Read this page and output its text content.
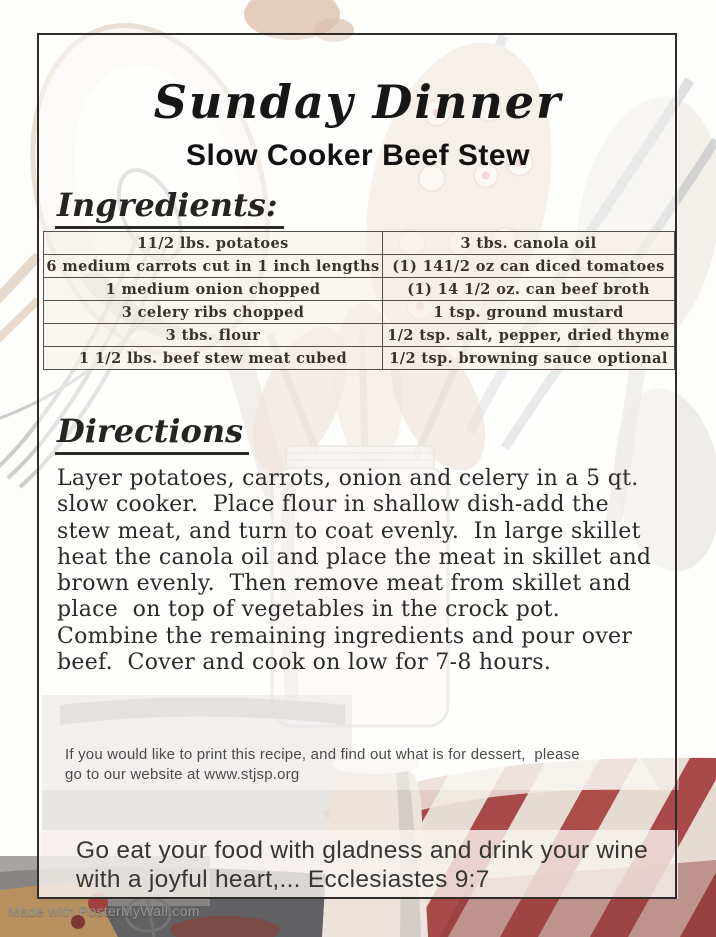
Sunday Dinner
Slow Cooker Beef Stew
Ingredients:
11/2 lbs. potatoes	3 tbs. canola oil
6 medium carrots cut in 1 inch lengths	(1) 141/2 oz can diced tomatoes
1 medium onion chopped	(1) 14 1/2 oz. can beef broth
3 celery ribs chopped	1 tsp. ground mustard
3 tbs. flour	1/2 tsp. salt, pepper, dried thyme
1 1/2 lbs. beef stew meat cubed	1/2 tsp. browning sauce optional
Directions

Layer potatoes, carrots, onion and celery in a 5 qt. slow cooker.  Place flour in shallow dish-add the stew meat, and turn to coat evenly.  In large skillet heat the canola oil and place the meat in skillet and brown evenly.  Then remove meat from skillet and place  on top of vegetables in the crock pot.  Combine the remaining ingredients and pour over beef.  Cover and cook on low for 7-8 hours.

If you would like to print this recipe, and find out what is for dessert,  please
go to our website at www.stjsp.org

Go eat your food with gladness and drink your wine with a joyful heart,... Ecclesiastes 9:7

Made with PosterMyWall.com
